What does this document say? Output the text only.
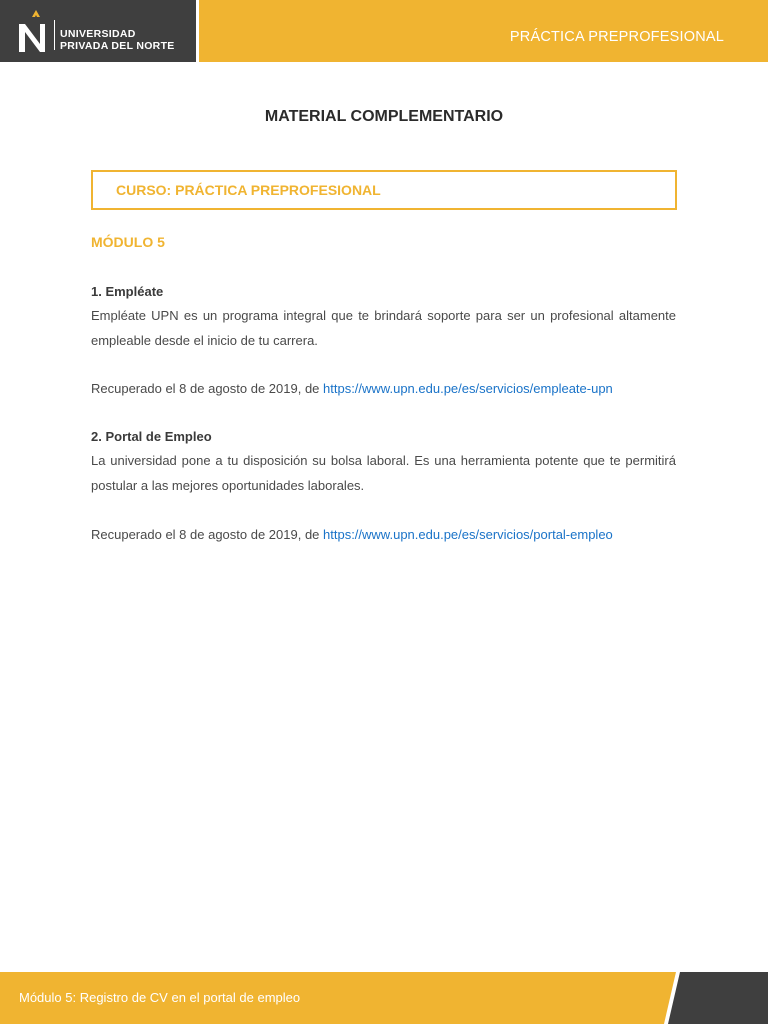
UNIVERSIDAD
PRIVADA DEL NORTE
PRÁCTICA PREPROFESIONAL
MATERIAL COMPLEMENTARIO
CURSO: PRÁCTICA PREPROFESIONAL
MÓDULO 5
1. Empléate
Empléate UPN es un programa integral que te brindará soporte para ser un profesional altamente empleable desde el inicio de tu carrera.
Recuperado el 8 de agosto de 2019, de https://www.upn.edu.pe/es/servicios/empleate-upn
2. Portal de Empleo
La universidad pone a tu disposición su bolsa laboral. Es una herramienta potente que te permitirá postular a las mejores oportunidades laborales.
Recuperado el 8 de agosto de 2019, de https://www.upn.edu.pe/es/servicios/portal-empleo
Módulo 5: Registro de CV en el portal de empleo
